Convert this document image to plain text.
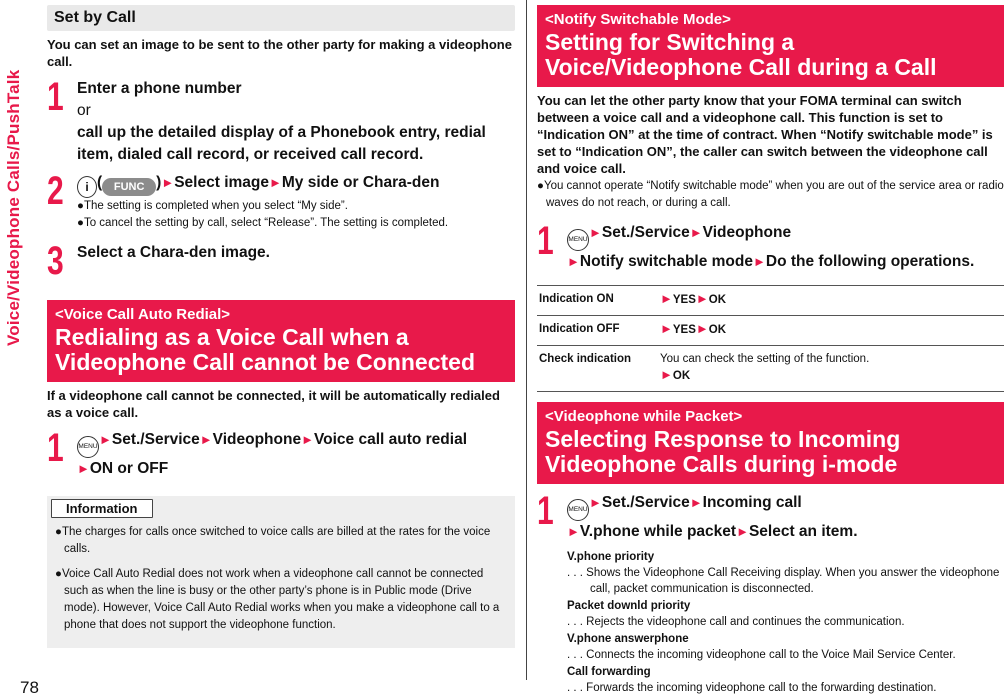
Voice/Videophone Calls/PushTalk
78
Set by Call
You can set an image to be sent to the other party for making a videophone call.
1 Enter a phone number
or
call up the detailed display of a Phonebook entry, redial item, dialed call record, or received call record.
2	i ( FUNC )►Select image►My side or Chara-den
●The setting is completed when you select “My side”.
●To cancel the setting by call, select “Release”. The setting is completed.
3 Select a Chara-den image.
<Voice Call Auto Redial>
Redialing as a Voice Call when a Videophone Call cannot be Connected
If a videophone call cannot be connected, it will be automatically redialed as a voice call.
1 MENU►Set./Service►Videophone►Voice call auto redial
►ON or OFF
Information
●The charges for calls once switched to voice calls are billed at the rates for the voice calls.
●Voice Call Auto Redial does not work when a videophone call cannot be connected such as when the line is busy or the other party’s phone is in Public mode (Drive mode). However, Voice Call Auto Redial works when you make a videophone call to a phone that does not support the videophone function.
<Notify Switchable Mode>
Setting for Switching a Voice/Videophone Call during a Call
You can let the other party know that your FOMA terminal can switch between a voice call and a videophone call. This function is set to “Indication ON” at the time of contract. When “Notify switchable mode” is set to “Indication ON”, the caller can switch between the videophone call and voice call.
●You cannot operate “Notify switchable mode” when you are out of the service area or radio waves do not reach, or during a call.
1 MENU►Set./Service►Videophone
►Notify switchable mode►Do the following operations.
Indication ON	►YES►OK
Indication OFF	►YES►OK
Check indication	You can check the setting of the function.
►OK
<Videophone while Packet>
Selecting Response to Incoming Videophone Calls during i-mode
1 MENU►Set./Service►Incoming call
►V.phone while packet►Select an item.
V.phone priority
. . . Shows the Videophone Call Receiving display. When you answer the videophone call, packet communication is disconnected.
Packet downld priority
. . . Rejects the videophone call and continues the communication.
V.phone answerphone
. . . Connects the incoming videophone call to the Voice Mail Service Center.
Call forwarding
. . . Forwards the incoming videophone call to the forwarding destination.
